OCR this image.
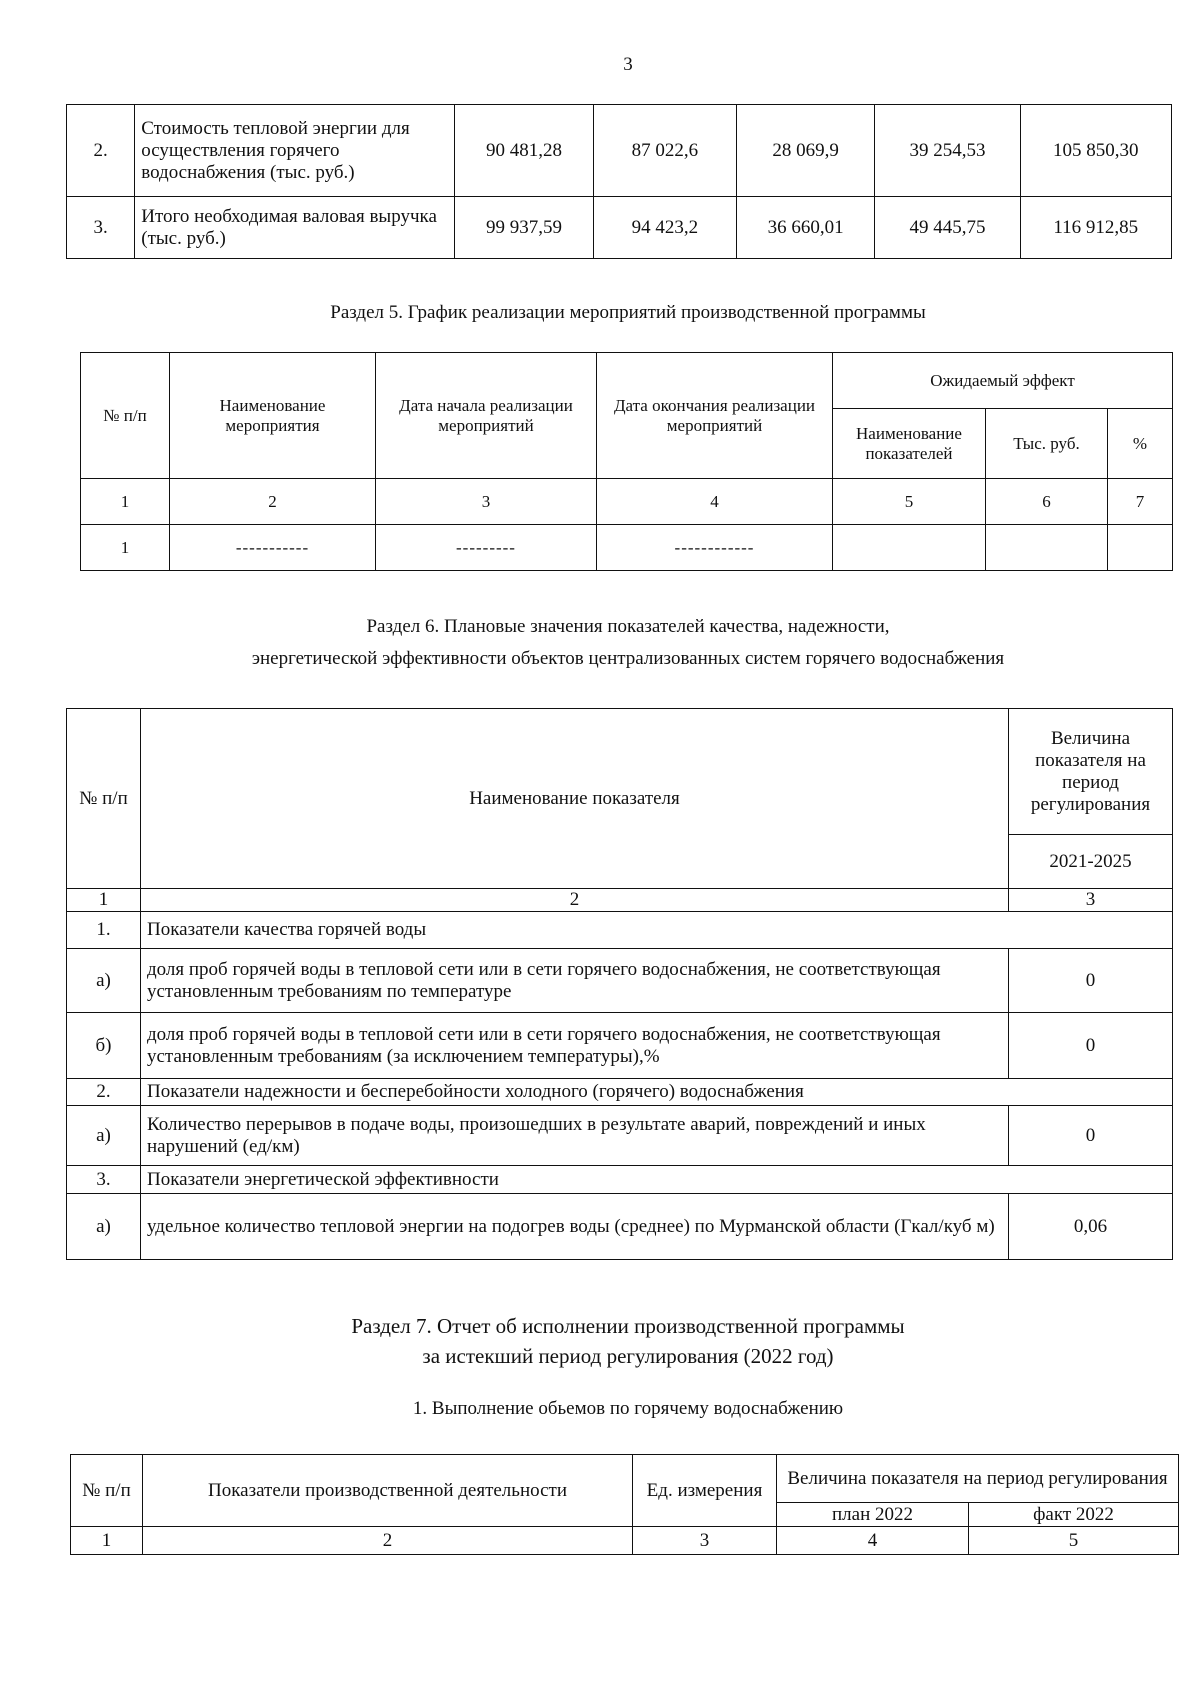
3
2.	Стоимость тепловой энергии для осуществления горячего водоснабжения (тыс. руб.)	90 481,28	87 022,6	28 069,9	39 254,53	105 850,30
3.	Итого необходимая валовая выручка (тыс. руб.)	99 937,59	94 423,2	36 660,01	49 445,75	116 912,85
Раздел 5. График реализации мероприятий производственной программы
№ п/п	Наименование мероприятия	Дата начала реализации мероприятий	Дата окончания реализации мероприятий	Ожидаемый эффект		
				Наименование показателей	Тыс. руб.	%
1	2	3	4	5	6	7
1	-----------	---------	------------			
Раздел 6. Плановые значения показателей качества, надежности,
энергетической эффективности объектов централизованных систем горячего водоснабжения
№ п/п	Наименование показателя	Величина показателя на период регулирования
		2021-2025
1	2	3
1.	Показатели качества горячей воды	
а)	доля проб горячей воды в тепловой сети или в сети горячего водоснабжения, не соответствующая установленным требованиям по температуре	0
б)	доля проб горячей воды в тепловой сети или в сети горячего водоснабжения, не соответствующая установленным требованиям (за исключением температуры),%	0
2.	Показатели надежности и бесперебойности холодного (горячего) водоснабжения	
а)	Количество перерывов в подаче воды, произошедших в результате аварий, повреждений и иных нарушений (ед/км)	0
3.	Показатели энергетической эффективности	
а)	удельное количество тепловой энергии на подогрев воды (среднее) по Мурманской области (Гкал/куб м)	0,06
Раздел 7. Отчет об исполнении производственной программы
за истекший период регулирования (2022 год)
1. Выполнение обьемов по горячему водоснабжению
№ п/п	Показатели производственной деятельности	Ед. измерения	Величина показателя на период регулирования	
			план 2022	факт 2022
1	2	3	4	5
